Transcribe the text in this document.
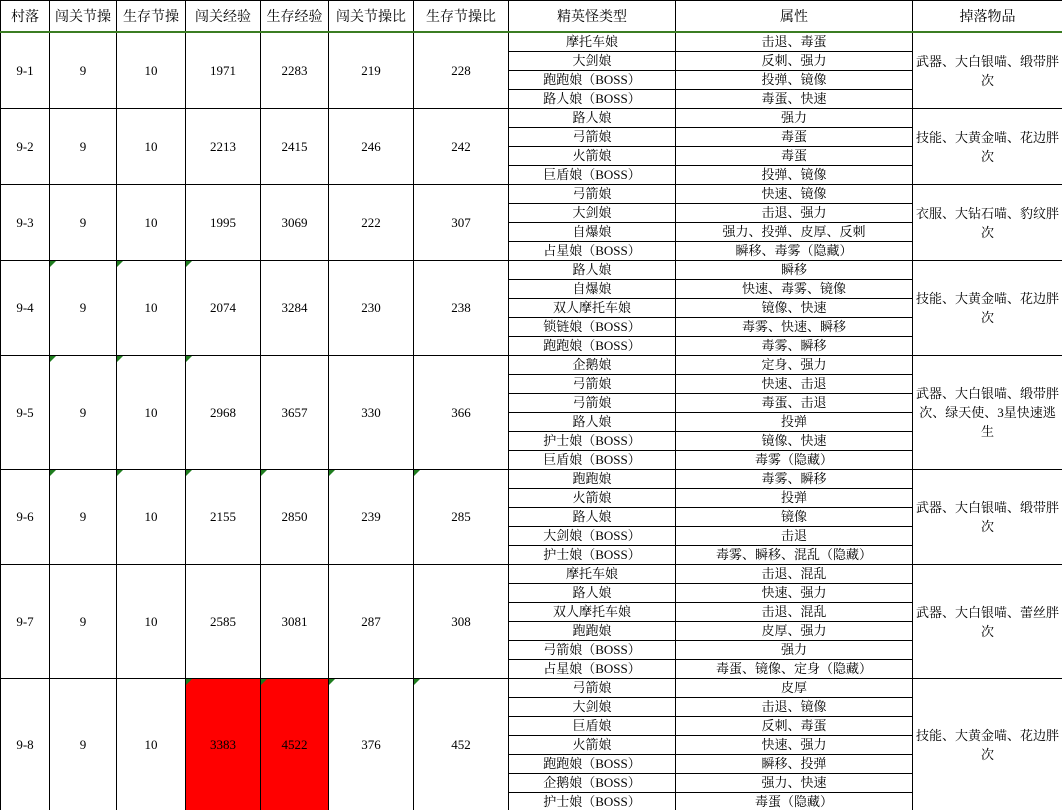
村落	闯关节操	生存节操	闯关经验	生存经验	闯关节操比	生存节操比	精英怪类型	属性	掉落物品
9-1	9	10	1971	2283	219	228	摩托车娘	击退、毒蛋	武器、大白银喵、缎带胖次
							大剑娘	反刺、强力	
							跑跑娘（BOSS）	投弹、镜像	
							路人娘（BOSS）	毒蛋、快速	
9-2	9	10	2213	2415	246	242	路人娘	强力	技能、大黄金喵、花边胖次
							弓箭娘	毒蛋	
							火箭娘	毒蛋	
							巨盾娘（BOSS）	投弹、镜像	
9-3	9	10	1995	3069	222	307	弓箭娘	快速、镜像	衣服、大钻石喵、豹纹胖次
							大剑娘	击退、强力	
							自爆娘	强力、投弹、皮厚、反刺	
							占星娘（BOSS）	瞬移、毒雾（隐藏）	
9-4	9	10	2074	3284	230	238	路人娘	瞬移	技能、大黄金喵、花边胖次
							自爆娘	快速、毒雾、镜像	
							双人摩托车娘	镜像、快速	
							锁链娘（BOSS）	毒雾、快速、瞬移	
							跑跑娘（BOSS）	毒雾、瞬移	
9-5	9	10	2968	3657	330	366	企鹅娘	定身、强力	武器、大白银喵、缎带胖次、绿天使、3星快速逃生
							弓箭娘	快速、击退	
							弓箭娘	毒蛋、击退	
							路人娘	投弹	
							护士娘（BOSS）	镜像、快速	
							巨盾娘（BOSS）	毒雾（隐藏）	
9-6	9	10	2155	2850	239	285	跑跑娘	毒雾、瞬移	武器、大白银喵、缎带胖次
							火箭娘	投弹	
							路人娘	镜像	
							大剑娘（BOSS）	击退	
							护士娘（BOSS）	毒雾、瞬移、混乱（隐藏）	
9-7	9	10	2585	3081	287	308	摩托车娘	击退、混乱	武器、大白银喵、蕾丝胖次
							路人娘	快速、强力	
							双人摩托车娘	击退、混乱	
							跑跑娘	皮厚、强力	
							弓箭娘（BOSS）	强力	
							占星娘（BOSS）	毒蛋、镜像、定身（隐藏）	
9-8	9	10	3383	4522	376	452	弓箭娘	皮厚	技能、大黄金喵、花边胖次
							大剑娘	击退、镜像	
							巨盾娘	反刺、毒蛋	
							火箭娘	快速、强力	
							跑跑娘（BOSS）	瞬移、投弹	
							企鹅娘（BOSS）	强力、快速	
							护士娘（BOSS）	毒蛋（隐藏）	
